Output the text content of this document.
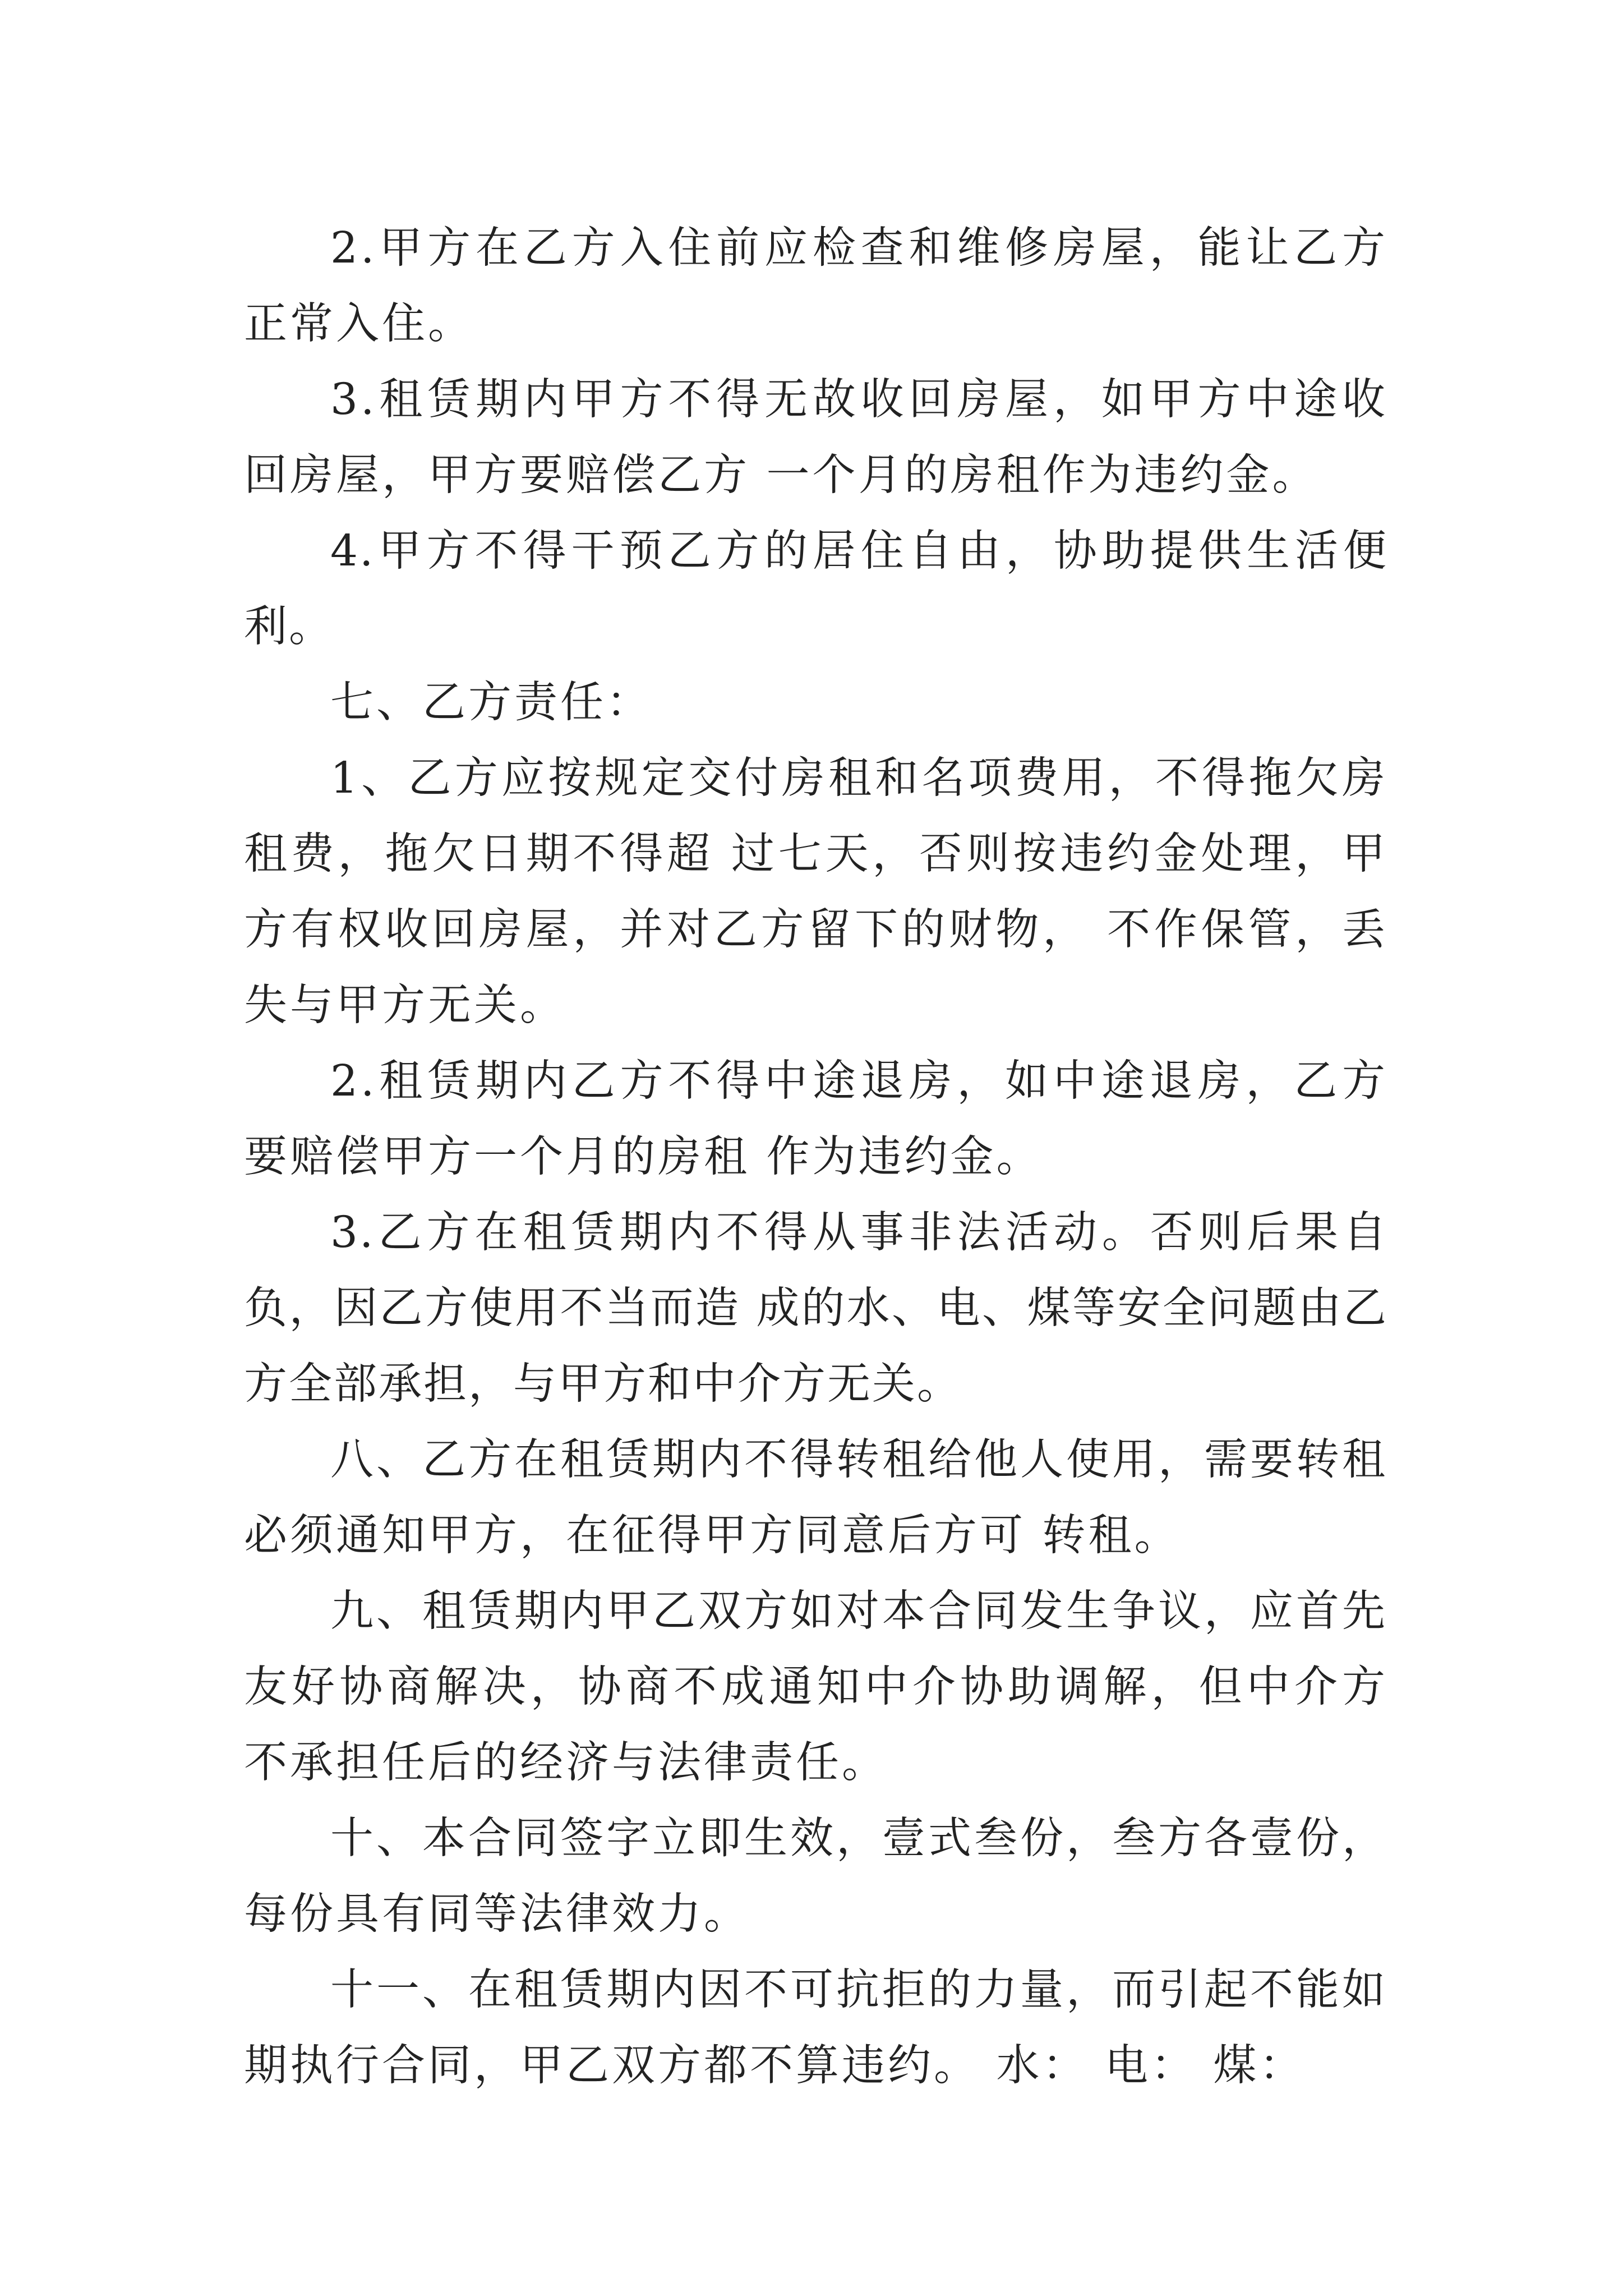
2.甲方在乙方入住前应检查和维修房屋，能让乙方正常入住。

3.租赁期内甲方不得无故收回房屋，如甲方中途收回房屋，甲方要赔偿乙方 一个月的房租作为违约金。

4.甲方不得干预乙方的居住自由，协助提供生活便利。

七、乙方责任：

1、乙方应按规定交付房租和名项费用，不得拖欠房租费，拖欠日期不得超 过七天，否则按违约金处理，甲方有权收回房屋，并对乙方留下的财物， 不作保管，丢失与甲方无关。

2.租赁期内乙方不得中途退房，如中途退房，乙方要赔偿甲方一个月的房租 作为违约金。

3.乙方在租赁期内不得从事非法活动。否则后果自负，因乙方使用不当而造 成的水、电、煤等安全问题由乙方全部承担，与甲方和中介方无关。

八、乙方在租赁期内不得转租给他人使用，需要转租必须通知甲方，在征得甲方同意后方可 转租。

九、租赁期内甲乙双方如对本合同发生争议，应首先友好协商解决，协商不成通知中介协助调解，但中介方不承担任后的经济与法律责任。

十、本合同签字立即生效，壹式叁份，叁方各壹份，每份具有同等法律效力。

十一、在租赁期内因不可抗拒的力量，而引起不能如期执行合同，甲乙双方都不算违约。 水： 电： 煤：
